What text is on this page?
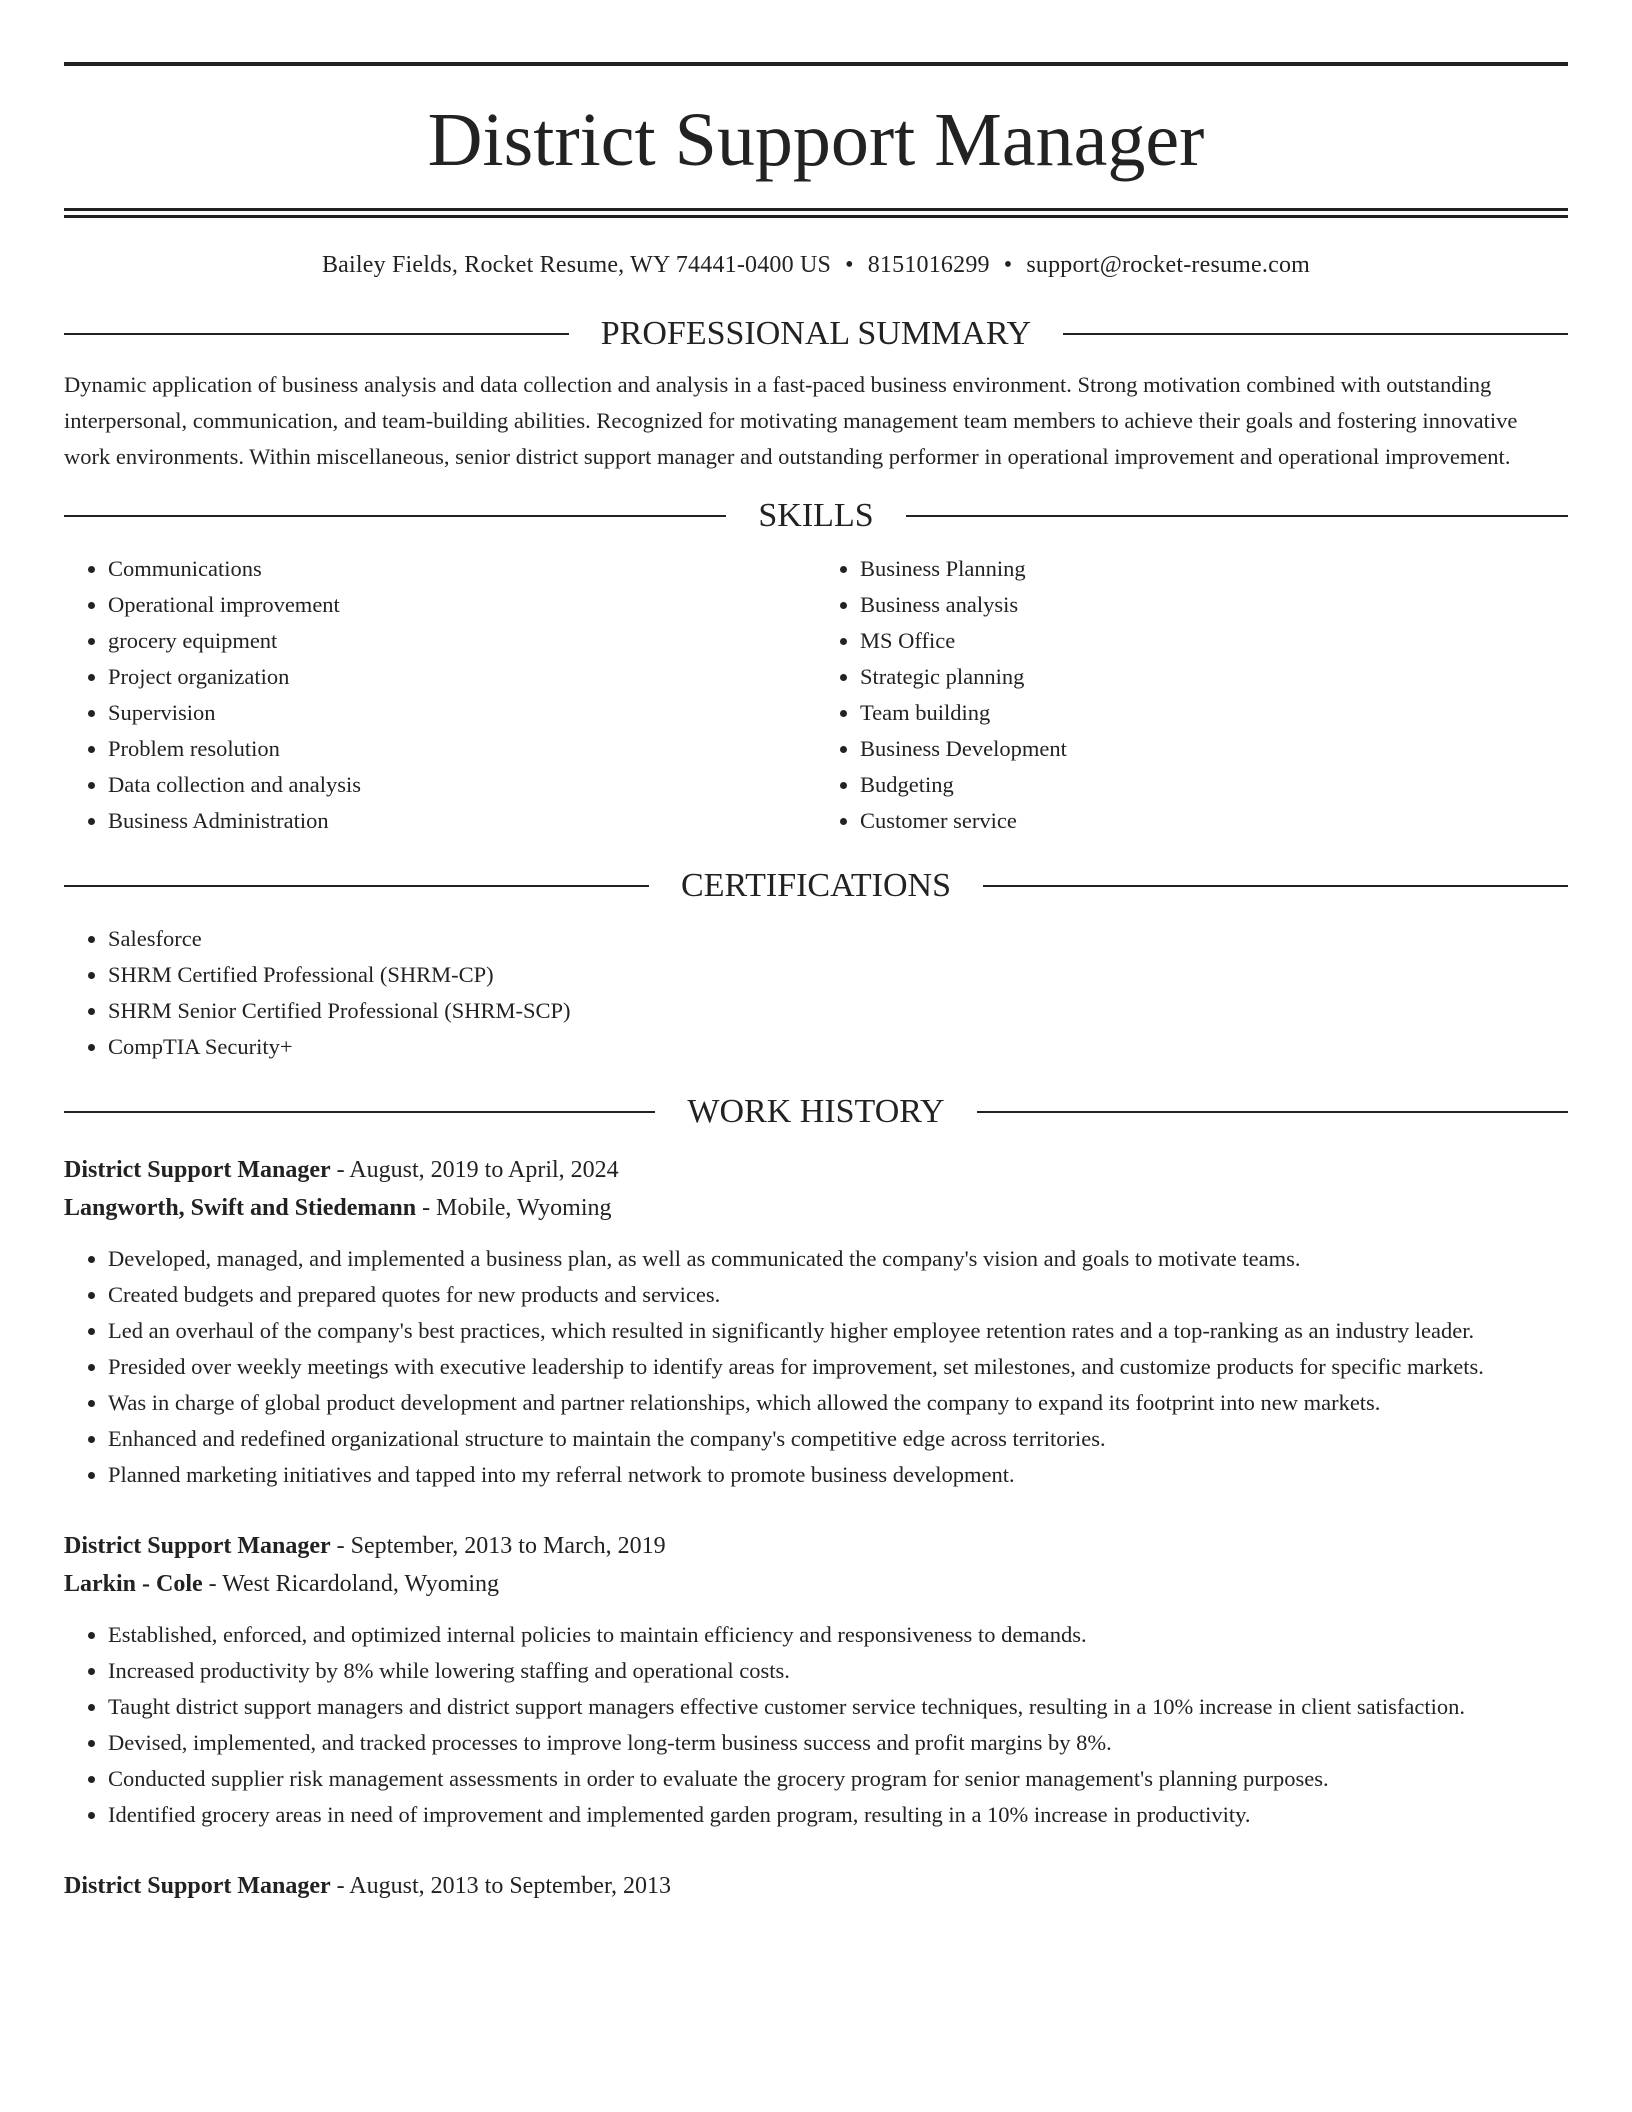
District Support Manager
Bailey Fields, Rocket Resume, WY 74441-0400 US • 8151016299 • support@rocket-resume.com
PROFESSIONAL SUMMARY

Dynamic application of business analysis and data collection and analysis in a fast-paced business environment. Strong motivation combined with outstanding interpersonal, communication, and team-building abilities. Recognized for motivating management team members to achieve their goals and fostering innovative work environments. Within miscellaneous, senior district support manager and outstanding performer in operational improvement and operational improvement.

SKILLS
• Communications
• Operational improvement
• grocery equipment
• Project organization
• Supervision
• Problem resolution
• Data collection and analysis
• Business Administration
• Business Planning
• Business analysis
• MS Office
• Strategic planning
• Team building
• Business Development
• Budgeting
• Customer service
CERTIFICATIONS
• Salesforce
• SHRM Certified Professional (SHRM-CP)
• SHRM Senior Certified Professional (SHRM-SCP)
• CompTIA Security+
WORK HISTORY
District Support Manager - August, 2019 to April, 2024
Langworth, Swift and Stiedemann - Mobile, Wyoming
• Developed, managed, and implemented a business plan, as well as communicated the company's vision and goals to motivate teams.
• Created budgets and prepared quotes for new products and services.
• Led an overhaul of the company's best practices, which resulted in significantly higher employee retention rates and a top-ranking as an industry leader.
• Presided over weekly meetings with executive leadership to identify areas for improvement, set milestones, and customize products for specific markets.
• Was in charge of global product development and partner relationships, which allowed the company to expand its footprint into new markets.
• Enhanced and redefined organizational structure to maintain the company's competitive edge across territories.
• Planned marketing initiatives and tapped into my referral network to promote business development.
District Support Manager - September, 2013 to March, 2019
Larkin - Cole - West Ricardoland, Wyoming
• Established, enforced, and optimized internal policies to maintain efficiency and responsiveness to demands.
• Increased productivity by 8% while lowering staffing and operational costs.
• Taught district support managers and district support managers effective customer service techniques, resulting in a 10% increase in client satisfaction.
• Devised, implemented, and tracked processes to improve long-term business success and profit margins by 8%.
• Conducted supplier risk management assessments in order to evaluate the grocery program for senior management's planning purposes.
• Identified grocery areas in need of improvement and implemented garden program, resulting in a 10% increase in productivity.
District Support Manager - August, 2013 to September, 2013
